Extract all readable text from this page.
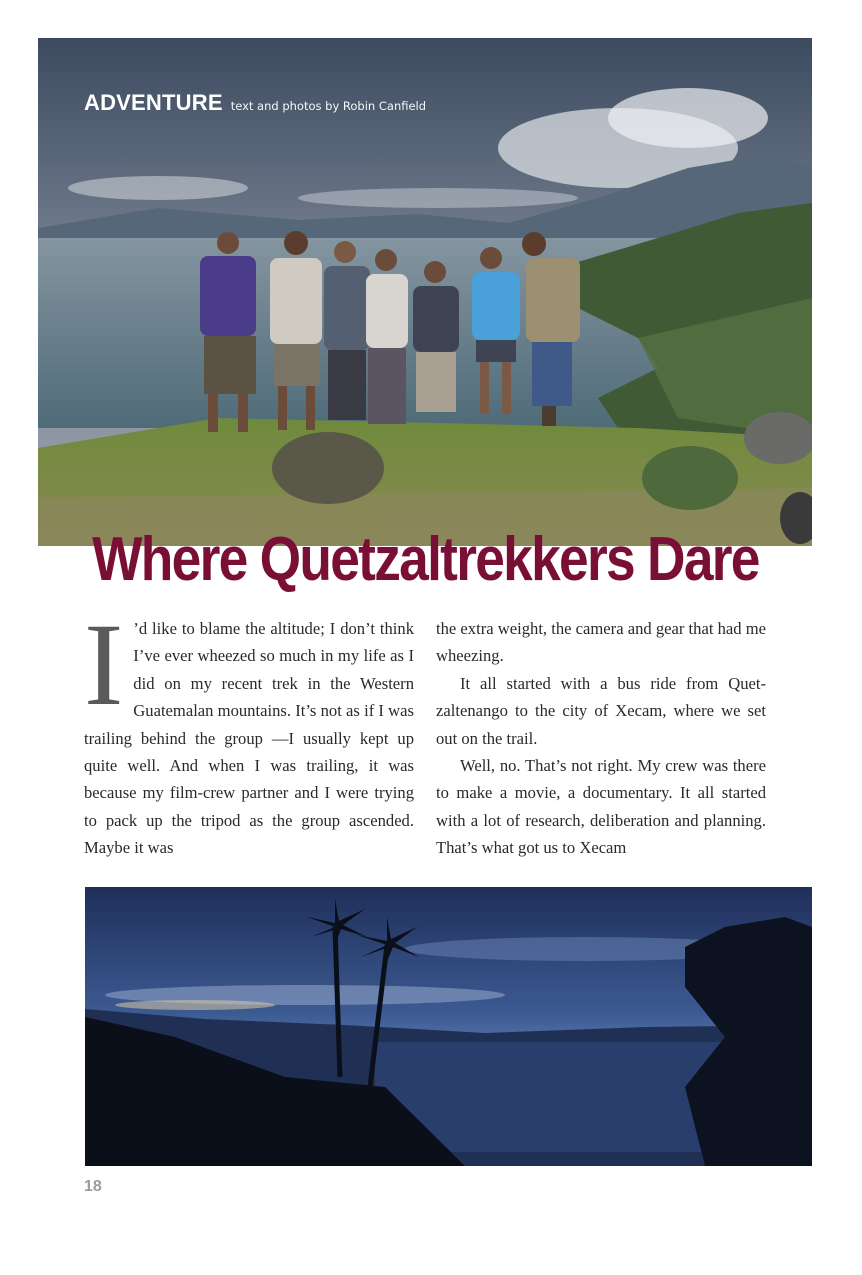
ADVENTURE text and photos by Robin Canfield
Where Quetzaltrekkers Dare
I ’d like to blame the altitude; I don’t think I’ve ever wheezed so much in my life as I did on my recent trek in the Western Guatemalan mountains. It’s not as if I was trailing behind the group —I usually kept up quite well. And when I was trailing, it was because my film-crew partner and I were trying to pack up the tripod as the group ascended. Maybe it was

the extra weight, the camera and gear that had me wheezing.

It all started with a bus ride from Quetzaltenango to the city of Xecam, where we set out on the trail.

Well, no. That’s not right. My crew was there to make a movie, a documentary. It all started with a lot of research, deliberation and planning. That’s what got us to Xecam

18
